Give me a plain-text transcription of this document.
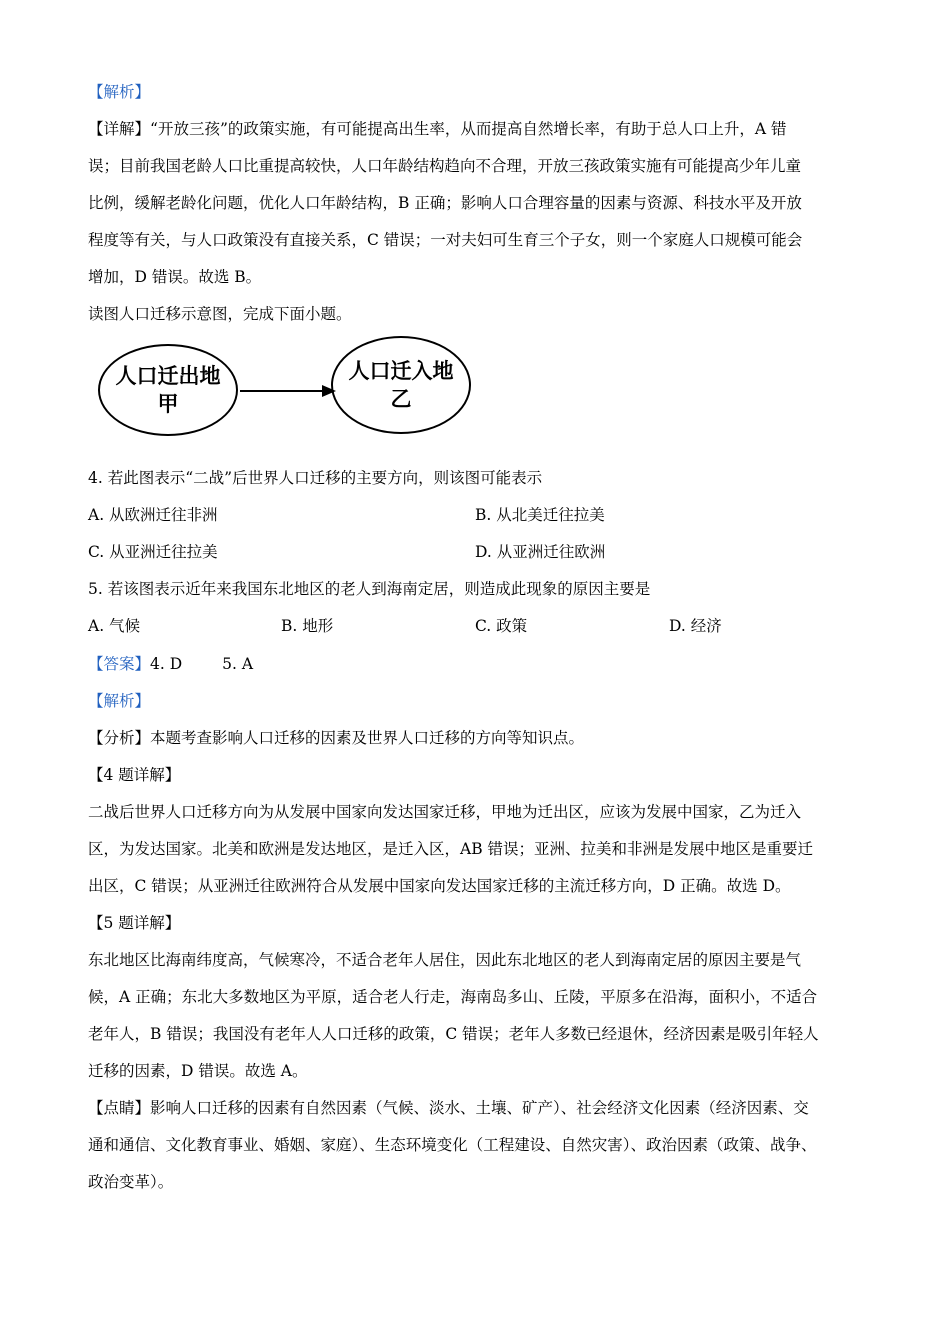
【解析】
【详解】“开放三孩”的政策实施，有可能提高出生率，从而提高自然增长率，有助于总人口上升，A 错
误；目前我国老龄人口比重提高较快，人口年龄结构趋向不合理，开放三孩政策实施有可能提高少年儿童
比例，缓解老龄化问题，优化人口年龄结构，B 正确；影响人口合理容量的因素与资源、科技水平及开放
程度等有关，与人口政策没有直接关系，C 错误；一对夫妇可生育三个子女，则一个家庭人口规模可能会
增加，D 错误。故选 B。
读图人口迁移示意图，完成下面小题。
人口迁出地
甲
人口迁入地
乙
4. 若此图表示“二战”后世界人口迁移的主要方向，则该图可能表示
A. 从欧洲迁往非洲	B. 从北美迁往拉美
C. 从亚洲迁往拉美	D. 从亚洲迁往欧洲
5. 若该图表示近年来我国东北地区的老人到海南定居，则造成此现象的原因主要是
A. 气候	B. 地形	C. 政策	D. 经济
【答案】4. D	5. A
【解析】
【分析】本题考查影响人口迁移的因素及世界人口迁移的方向等知识点。
【4 题详解】
二战后世界人口迁移方向为从发展中国家向发达国家迁移，甲地为迁出区，应该为发展中国家，乙为迁入
区，为发达国家。北美和欧洲是发达地区，是迁入区，AB 错误；亚洲、拉美和非洲是发展中地区是重要迁
出区，C 错误；从亚洲迁往欧洲符合从发展中国家向发达国家迁移的主流迁移方向，D 正确。故选 D。
【5 题详解】
东北地区比海南纬度高，气候寒冷，不适合老年人居住，因此东北地区的老人到海南定居的原因主要是气
候，A 正确；东北大多数地区为平原，适合老人行走，海南岛多山、丘陵，平原多在沿海，面积小，不适合
老年人，B 错误；我国没有老年人人口迁移的政策，C 错误；老年人多数已经退休，经济因素是吸引年轻人
迁移的因素，D 错误。故选 A。
【点睛】影响人口迁移的因素有自然因素（气候、淡水、土壤、矿产）、社会经济文化因素（经济因素、交
通和通信、文化教育事业、婚姻、家庭）、生态环境变化（工程建设、自然灾害）、政治因素（政策、战争、
政治变革）。
